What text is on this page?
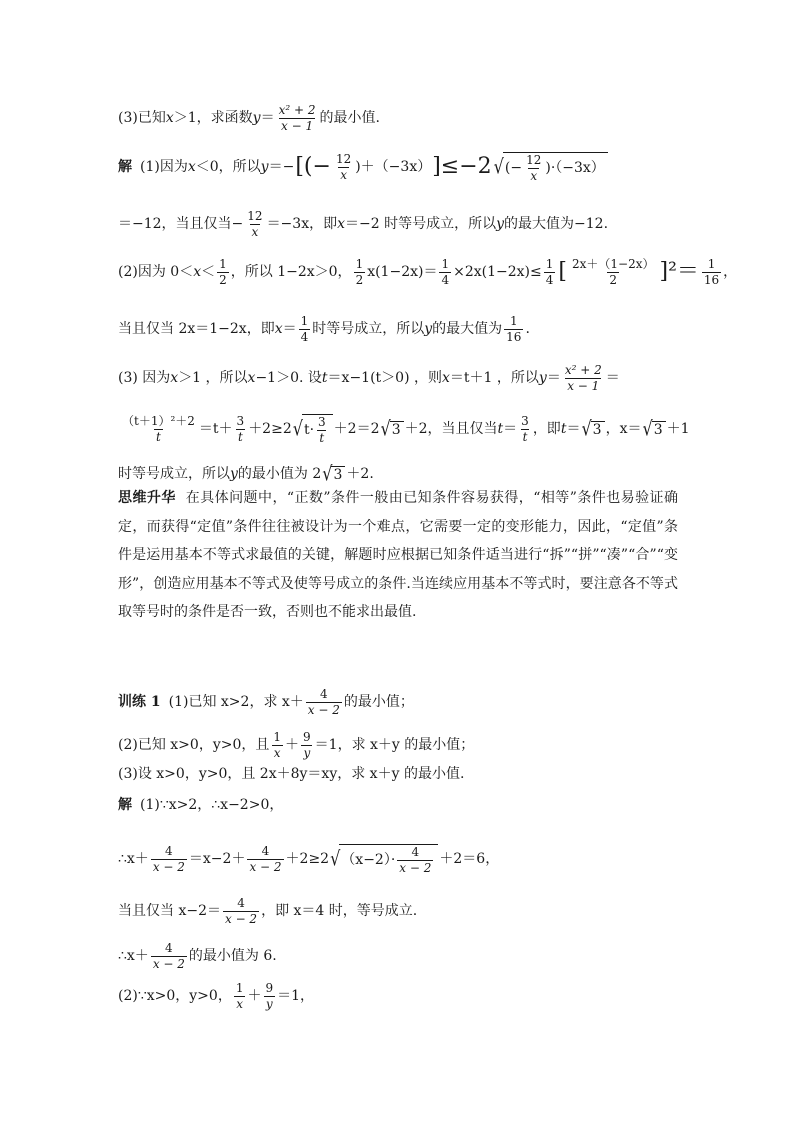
(3)已知 x ＞1，求函数 $y = \frac{\text{x² + 2}}{x - 1}$ 的最小值.
解 (1)因为 x ＜0，所以 y ＝− [(− $\frac{12}{x} )+(-3x)$ ]≤−2 √ (− $\frac{12}{x} )\cdot(-3x)$
＝−12，当且仅当− $\frac{12}{x} =-3x$，即 x ＝−2 时等号成立，所以 y 的最大值为−12.
(2)因为 $0< x < \frac{1}{2}$ ，所以 1−2x＞0， $\frac{1}{2} x(1-2x)= \frac{1}{4} \times 2x(1-2x)\le \frac{1}{4}$ [ $\frac{2x+(1-2x)}{2} ]^2= \frac{1}{16}$ ，
当且仅当 2x＝1−2x，即 $x = \frac{1}{4}$ 时等号成立，所以 y 的最大值为 $\frac{1}{16}$ .
(3) 因为 x ＞1 ，所以 x −1＞0. 设 t ＝x−1(t＞0) ，则 x ＝t＋1 ，所以 $y = \frac{\text{x² + 2}}{x - 1}$ ＝
$\frac{\text{（t＋1）²＋2}}{t} =t+ \frac{3}{t} +2\ge 2$ √ $t\cdot \frac{3}{t} +2=2$ √ 3 ＋2，当且仅当 $t = \frac{3}{t}$ ，即 t ＝ √ 3 ，x＝ √ 3 ＋1
时等号成立，所以 y 的最小值为 2 √ 3 ＋2.
思维升华 在具体问题中，“正数”条件一般由已知条件容易获得，“相等”条件也易验证确定，而获得“定值”条件往往被设计为一个难点，它需要一定的变形能力，因此，“定值”条件是运用基本不等式求最值的关键，解题时应根据已知条件适当进行“拆”“拼”“凑”“合”“变形”，创造应用基本不等式及使等号成立的条件.当连续应用基本不等式时，要注意各不等式取等号时的条件是否一致，否则也不能求出最值.
训练 1 (1)已知 x>2，求 $x+ \frac{4}{x - 2}$ 的最小值；
(2)已知 x>0，y>0，且 $\frac{1}{x} + \frac{9}{y} =1$，求 x＋y 的最小值；
(3)设 x>0，y>0，且 2x＋8y＝xy，求 x＋y 的最小值.
解 (1)∵x>2，∴x−2>0，
∴x＋ $\frac{4}{x - 2} =x-2+ \frac{4}{x - 2} +2\ge 2$ √ $(x-2)\cdot \frac{4}{x - 2} +2=6$，
当且仅当 $x-2= \frac{4}{x - 2}$ ，即 x＝4 时，等号成立.
∴x＋ $\frac{4}{x - 2}$ 的最小值为 6.
(2)∵x>0，y>0， $\frac{1}{x} + \frac{9}{y} =1$，
